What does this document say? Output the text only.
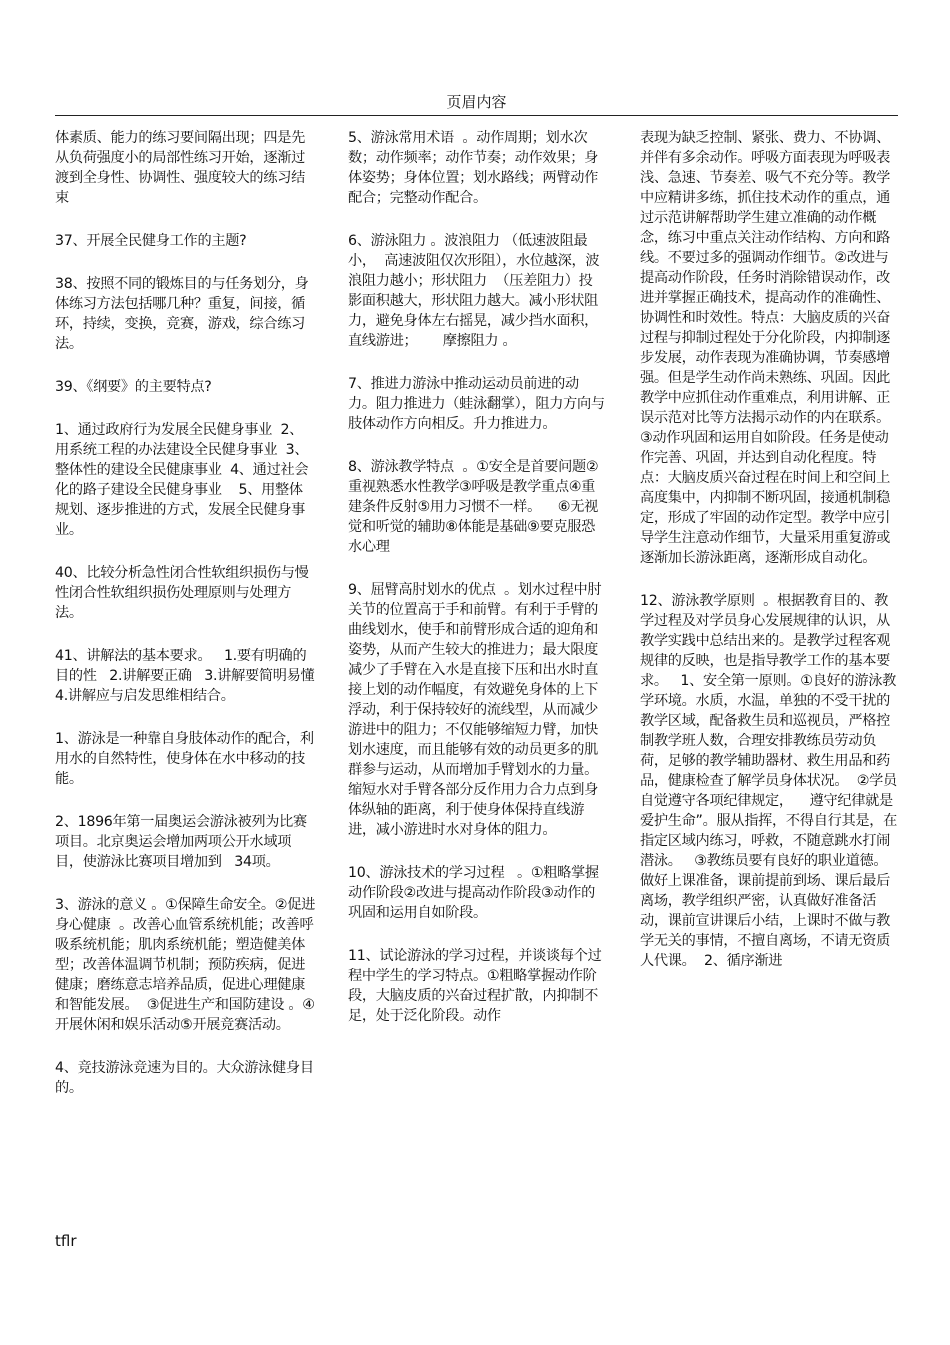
页眉内容

体素质、能力的练习要间隔出现；四是先从负荷强度小的局部性练习开始，逐渐过渡到全身性、协调性、强度较大的练习结束

37、开展全民健身工作的主题?

38、按照不同的锻炼目的与任务划分，身体练习方法包括哪几种？重复，间接，循环，持续，变换，竞赛，游戏，综合练习法。

39、《纲要》的主要特点?

1、通过政府行为发展全民健身事业  2、用系统工程的办法建设全民健身事业  3、整体性的建设全民健康事业  4、通过社会化的路子建设全民健身事业    5、用整体规划、逐步推进的方式，发展全民健身事业。

40、比较分析急性闭合性软组织损伤与慢性闭合性软组织损伤处理原则与处理方法。

41、讲解法的基本要求。   1.要有明确的目的性   2.讲解要正确   3.讲解要简明易懂    4.讲解应与启发思维相结合。

1、游泳是一种靠自身肢体动作的配合，利用水的自然特性，使身体在水中移动的技能。

2、1896年第一届奥运会游泳被列为比赛项目。北京奥运会增加两项公开水域项目，使游泳比赛项目增加到   34项。

3、游泳的意义 。①保障生命安全。②促进身心健康  。改善心血管系统机能；改善呼吸系统机能；肌肉系统机能；塑造健美体型；改善体温调节机制；预防疾病，促进健康；磨练意志培养品质，促进心理健康和智能发展。  ③促进生产和国防建设 。④开展休闲和娱乐活动⑤开展竞赛活动。

4、竞技游泳竞速为目的。大众游泳健身目的。

5、游泳常用术语  。动作周期；划水次数；动作频率；动作节奏；动作效果；身体姿势；身体位置；划水路线；两臂动作配合；完整动作配合。

6、游泳阻力 。波浪阻力 （低速波阻最小，  高速波阻仅次形阻），水位越深，波浪阻力越小；形状阻力  （压差阻力）投影面积越大，形状阻力越大。减小形状阻力，避免身体左右摇晃，减少挡水面积，直线游进；      摩擦阻力 。

7、推进力游泳中推动运动员前进的动力。阻力推进力（蛙泳翻掌），阻力方向与肢体动作方向相反。升力推进力。

8、游泳教学特点  。①安全是首要问题②重视熟悉水性教学③呼吸是教学重点④重建条件反射⑤用力习惯不一样。    ⑥无视觉和听觉的辅助⑧体能是基础⑨要克服恐水心理

9、屈臂高肘划水的优点  。划水过程中肘关节的位置高于手和前臂。有利于手臂的曲线划水，使手和前臂形成合适的迎角和姿势，从而产生较大的推进力；最大限度减少了手臂在入水是直接下压和出水时直接上划的动作幅度，有效避免身体的上下浮动，利于保持较好的流线型，从而减少游进中的阻力；不仅能够缩短力臂，加快划水速度，而且能够有效的动员更多的肌群参与运动，从而增加手臂划水的力量。缩短水对手臂各部分反作用力合力点到身体纵轴的距离，利于使身体保持直线游进，减小游进时水对身体的阻力。

10、游泳技术的学习过程   。①粗略掌握动作阶段②改进与提高动作阶段③动作的巩固和运用自如阶段。

11、试论游泳的学习过程，并谈谈每个过程中学生的学习特点。①粗略掌握动作阶段，大脑皮质的兴奋过程扩散，内抑制不足，处于泛化阶段。动作

表现为缺乏控制、紧张、费力、不协调、并伴有多余动作。呼吸方面表现为呼吸表浅、急速、节奏差、吸气不充分等。教学中应精讲多练，抓住技术动作的重点，通过示范讲解帮助学生建立准确的动作概念，练习中重点关注动作结构、方向和路线。不要过多的强调动作细节。②改进与提高动作阶段，任务时消除错误动作，改进并掌握正确技术，提高动作的准确性、协调性和时效性。特点：大脑皮质的兴奋过程与抑制过程处于分化阶段，内抑制逐步发展，动作表现为准确协调，节奏感增强。但是学生动作尚未熟练、巩固。因此教学中应抓住动作重难点，利用讲解、正误示范对比等方法揭示动作的内在联系。③动作巩固和运用自如阶段。任务是使动作完善、巩固，并达到自动化程度。特点：大脑皮质兴奋过程在时间上和空间上高度集中，内抑制不断巩固，接通机制稳定，形成了牢固的动作定型。教学中应引导学生注意动作细节，大量采用重复游或逐渐加长游泳距离，逐渐形成自动化。

12、游泳教学原则  。根据教育目的、教学过程及对学员身心发展规律的认识，从教学实践中总结出来的。是教学过程客观规律的反映，也是指导教学工作的基本要求。   1、安全第一原则。①良好的游泳教学环境。水质，水温，单独的不受干扰的教学区域，配备救生员和巡视员，严格控制教学班人数，合理安排教练员劳动负荷，足够的教学辅助器材、救生用品和药品，健康检查了解学员身体状况。  ②学员自觉遵守各项纪律规定，    遵守纪律就是爱护生命”。服从指挥，不得自行其是，在指定区域内练习，呼救，不随意跳水打闹潜泳。   ③教练员要有良好的职业道德。做好上课准备，课前提前到场、课后最后离场，教学组织严密，认真做好准备活动，课前宣讲课后小结，上课时不做与教学无关的事情，不擅自离场，不请无资质人代课。  2、循序渐进

tflr
